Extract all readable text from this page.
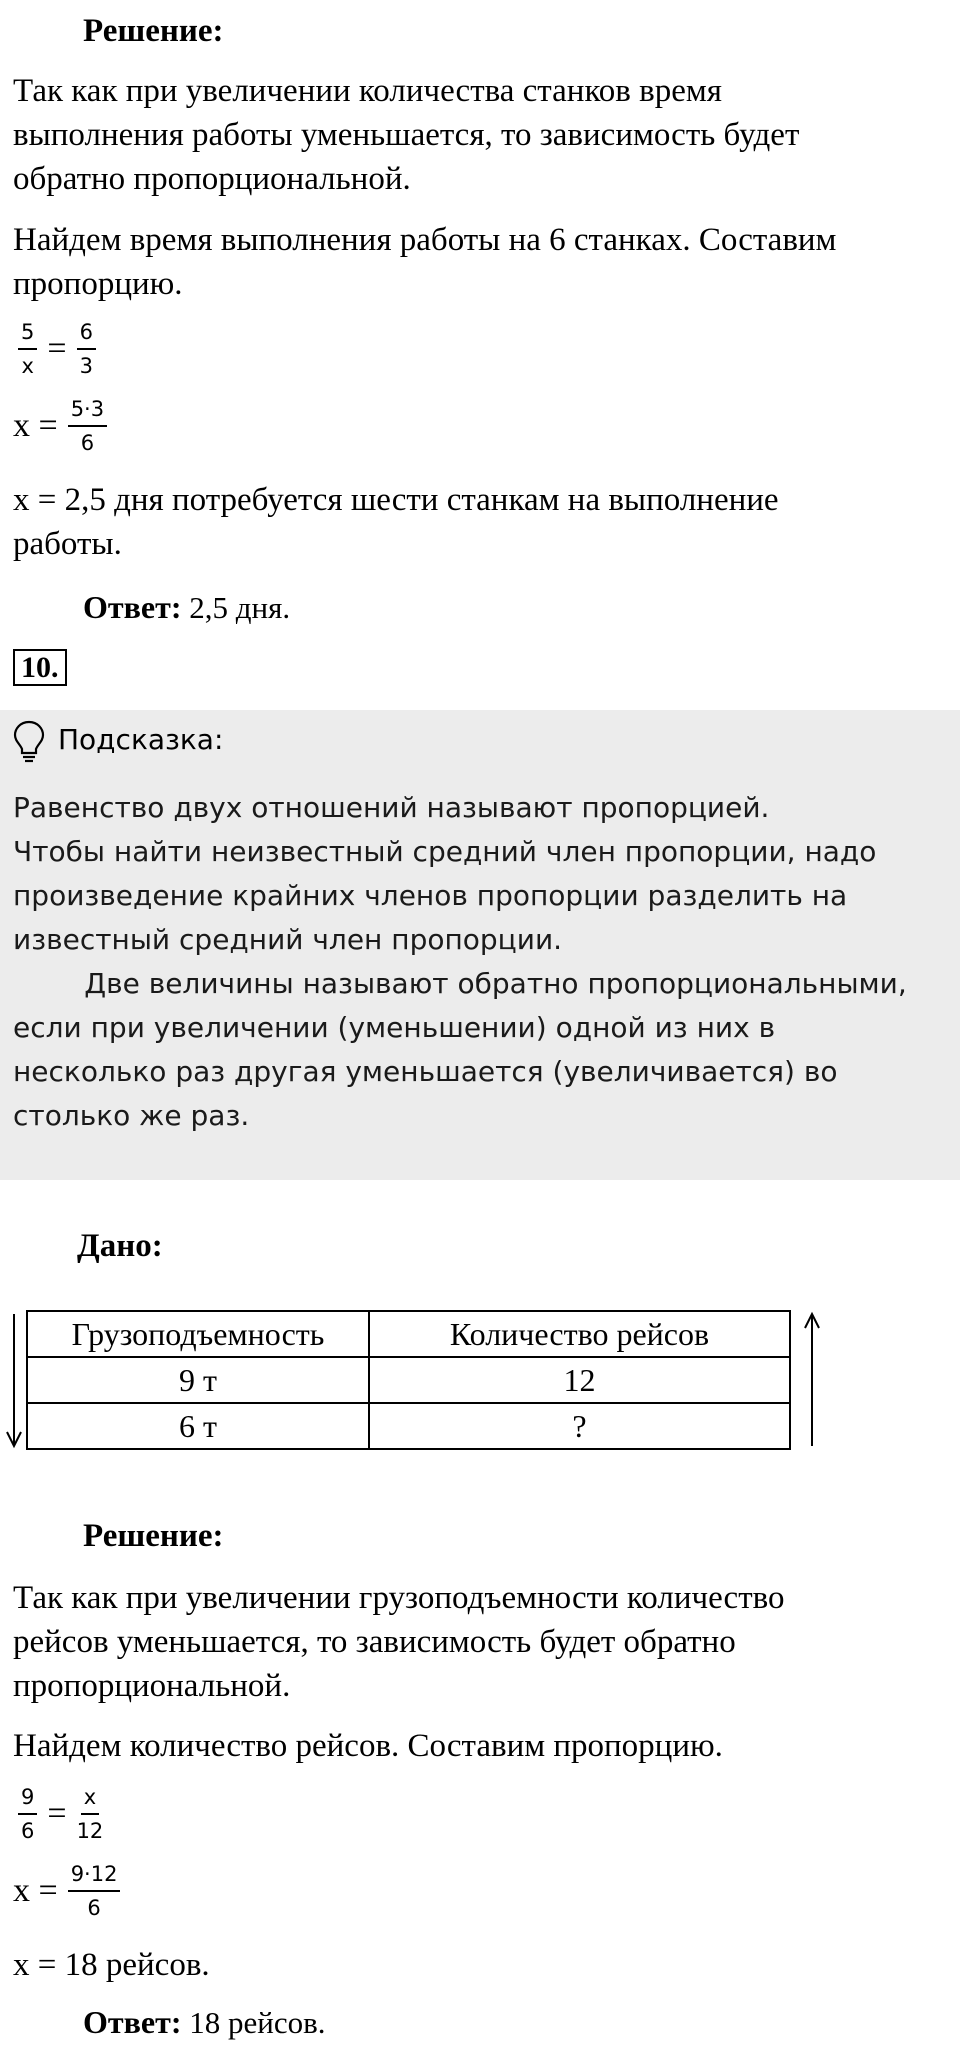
Решение:
Так как при увеличении количества станков время
выполнения работы уменьшается, то зависимость будет
обратно пропорциональной.
Найдем время выполнения работы на 6 станках. Составим
пропорцию.
$\frac{5}{x} = \frac{6}{3}$
$x = \frac{5\cdot 3}{6}$
x = 2,5 дня потребуется шести станкам на выполнение
работы.
Ответ: 2,5 дня.
10.
Подсказка:
Равенство двух отношений называют пропорцией.
Чтобы найти неизвестный средний член пропорции, надо
произведение крайних членов пропорции разделить на
известный средний член пропорции.
Две величины называют обратно пропорциональными,
если при увеличении (уменьшении) одной из них в
несколько раз другая уменьшается (увеличивается) во
столько же раз.
Дано:
Грузоподъемность	Количество рейсов
9 т	12
6 т	?
Решение:
Так как при увеличении грузоподъемности количество
рейсов уменьшается, то зависимость будет обратно
пропорциональной.
Найдем количество рейсов. Составим пропорцию.
$\frac{9}{6} = \frac{x}{12}$
$x = \frac{9\cdot 12}{6}$
x = 18 рейсов.
Ответ: 18 рейсов.
